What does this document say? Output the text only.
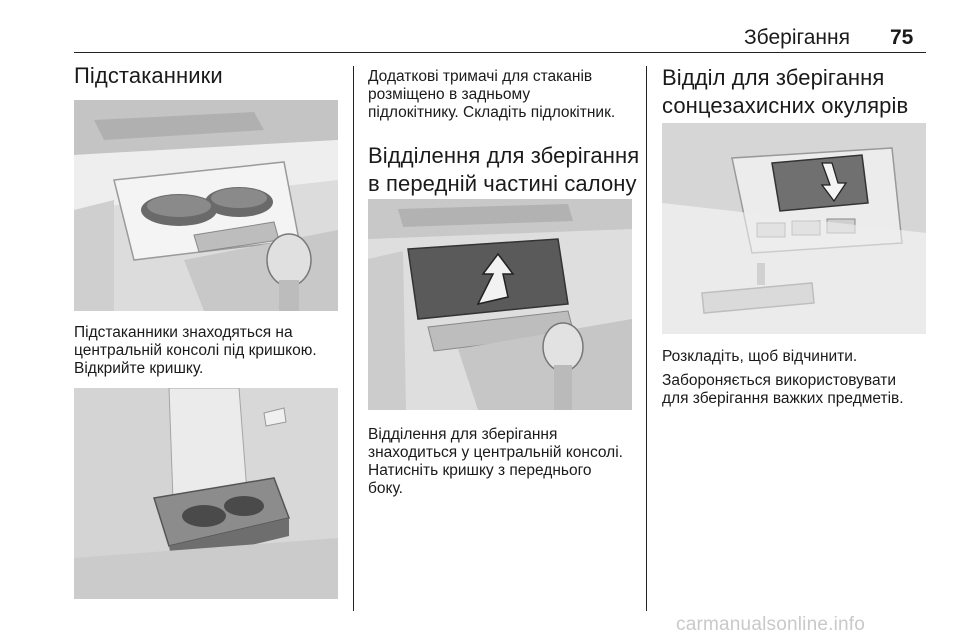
Зберігання 75
Підстаканники
Підстаканники знаходяться на
центральній консолі під кришкою.
Відкрийте кришку.
Додаткові тримачі для стаканів
розміщено в задньому
підлокітнику. Складіть підлокітник.
Відділення для зберігання
в передній частині салону
Відділення для зберігання
знаходиться у центральній консолі.
Натисніть кришку з переднього
боку.
Відділ для зберігання
сонцезахисних окулярів
Розкладіть, щоб відчинити.
Забороняється використовувати
для зберігання важких предметів.
carmanualsonline.info
